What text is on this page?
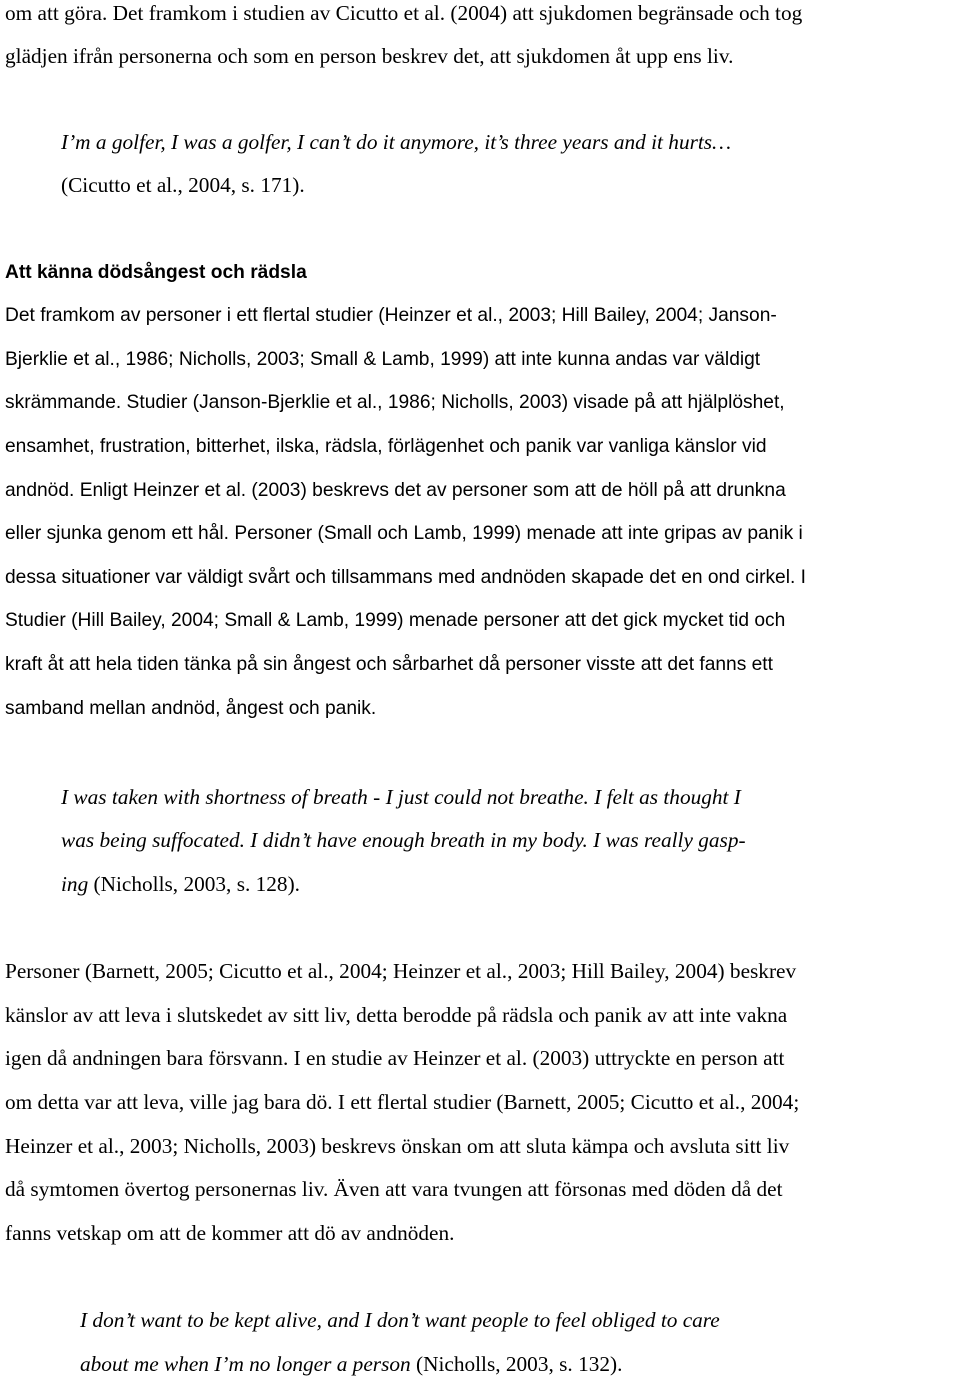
om att göra. Det framkom i studien av Cicutto et al. (2004) att sjukdomen begränsade och tog
glädjen ifrån personerna och som en person beskrev det, att sjukdomen åt upp ens liv.
I’m a golfer, I was a golfer, I can’t do it anymore, it’s three years and it hurts…
(Cicutto et al., 2004, s. 171).
Att känna dödsångest och rädsla
Det framkom av personer i ett flertal studier (Heinzer et al., 2003; Hill Bailey, 2004; Janson-
Bjerklie et al., 1986; Nicholls, 2003; Small & Lamb, 1999) att inte kunna andas var väldigt
skrämmande. Studier (Janson-Bjerklie et al., 1986; Nicholls, 2003) visade på att hjälplöshet,
ensamhet, frustration, bitterhet, ilska, rädsla, förlägenhet och panik var vanliga känslor vid
andnöd. Enligt Heinzer et al. (2003) beskrevs det av personer som att de höll på att drunkna
eller sjunka genom ett hål. Personer (Small och Lamb, 1999) menade att inte gripas av panik i
dessa situationer var väldigt svårt och tillsammans med andnöden skapade det en ond cirkel. I
Studier (Hill Bailey, 2004; Small & Lamb, 1999) menade personer att det gick mycket tid och
kraft åt att hela tiden tänka på sin ångest och sårbarhet då personer visste att det fanns ett
samband mellan andnöd, ångest och panik.
I was taken with shortness of breath - I just could not breathe. I felt as thought I
was being suffocated. I didn’t have enough breath in my body. I was really gasp-
ing (Nicholls, 2003, s. 128).
Personer (Barnett, 2005; Cicutto et al., 2004; Heinzer et al., 2003; Hill Bailey, 2004) beskrev
känslor av att leva i slutskedet av sitt liv, detta berodde på rädsla och panik av att inte vakna
igen då andningen bara försvann. I en studie av Heinzer et al. (2003) uttryckte en person att
om detta var att leva, ville jag bara dö. I ett flertal studier (Barnett, 2005; Cicutto et al., 2004;
Heinzer et al., 2003; Nicholls, 2003) beskrevs önskan om att sluta kämpa och avsluta sitt liv
då symtomen övertog personernas liv. Även att vara tvungen att försonas med döden då det
fanns vetskap om att de kommer att dö av andnöden.
I don’t want to be kept alive, and I don’t want people to feel obliged to care
about me when I’m no longer a person (Nicholls, 2003, s. 132).
